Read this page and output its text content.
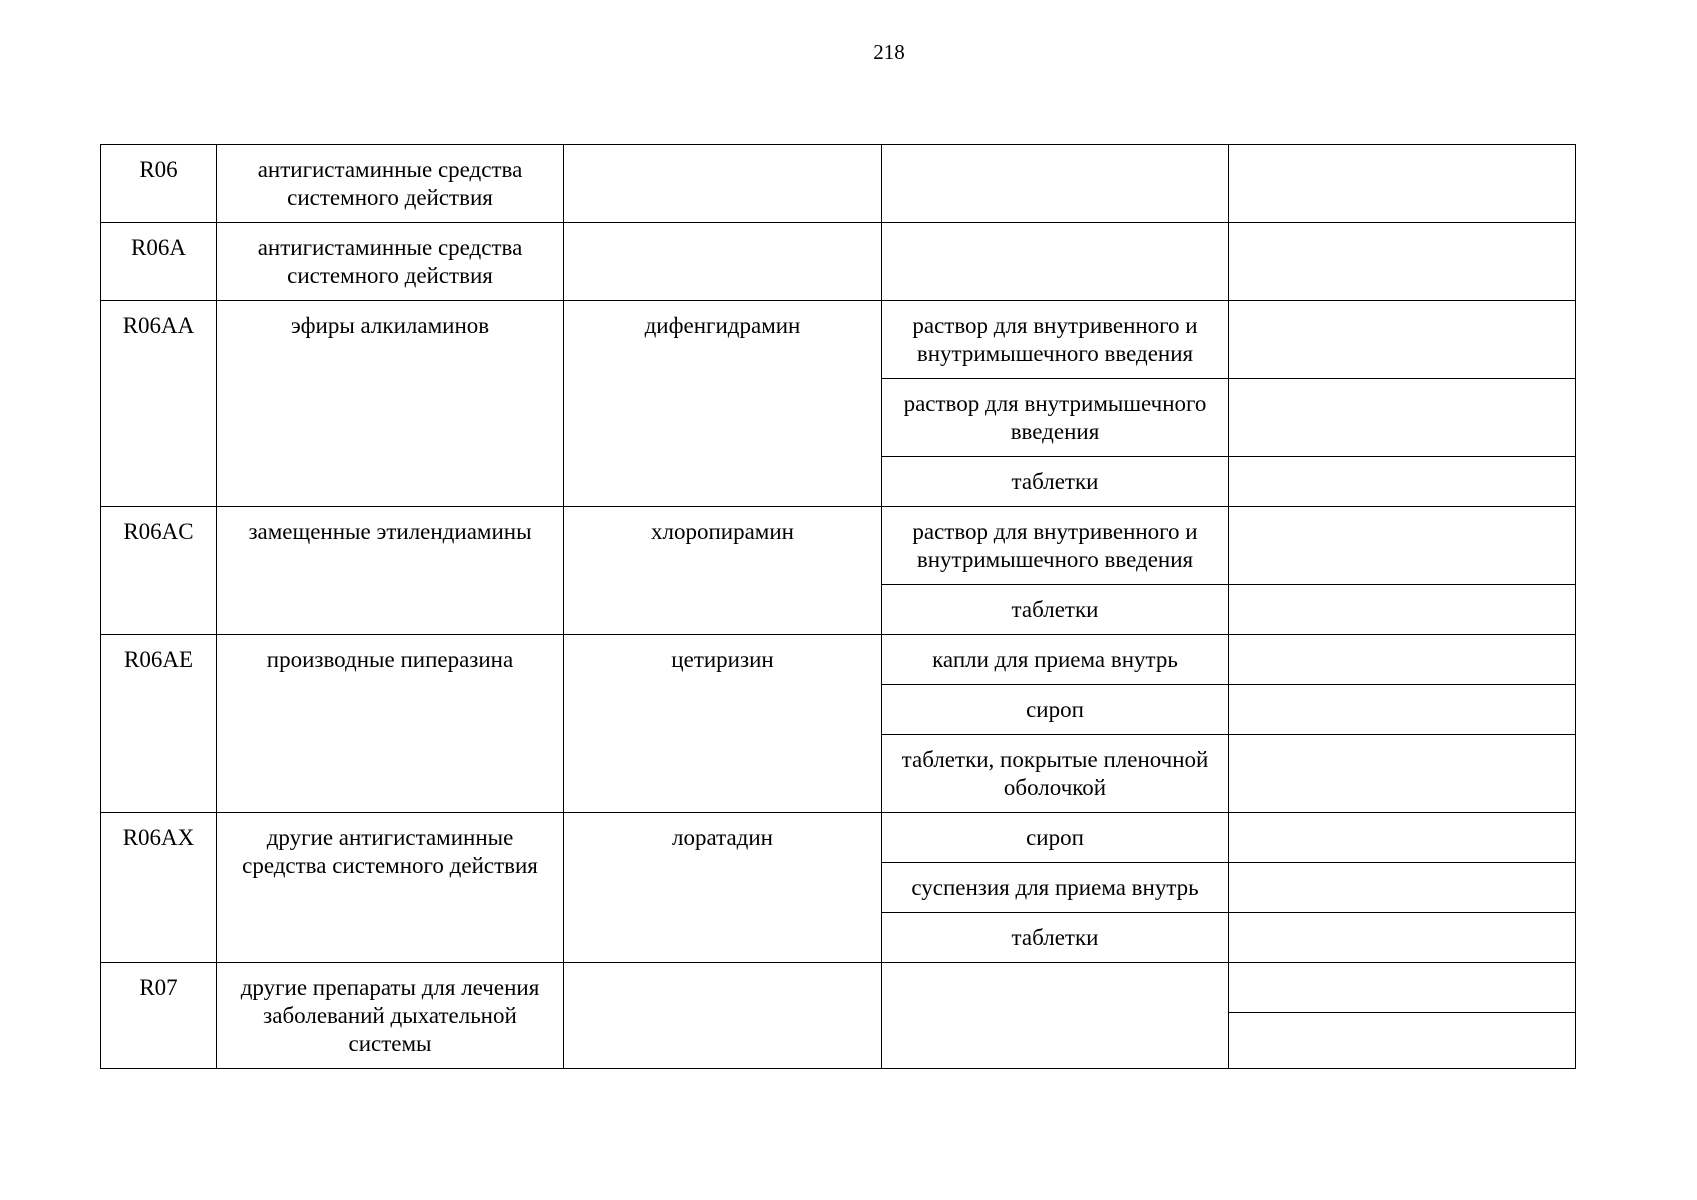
218
R06	антигистаминные средства системного действия			
R06A	антигистаминные средства системного действия			
R06AA	эфиры алкиламинов	дифенгидрамин	раствор для внутривенного и внутримышечного введения	
			раствор для внутримышечного введения	
			таблетки	
R06AC	замещенные этилендиамины	хлоропирамин	раствор для внутривенного и внутримышечного введения	
			таблетки	
R06AE	производные пиперазина	цетиризин	капли для приема внутрь	
			сироп	
			таблетки, покрытые пленочной оболочкой	
R06AX	другие антигистаминные средства системного действия	лоратадин	сироп	
			суспензия для приема внутрь	
			таблетки	
R07	другие препараты для лечения заболеваний дыхательной системы			
